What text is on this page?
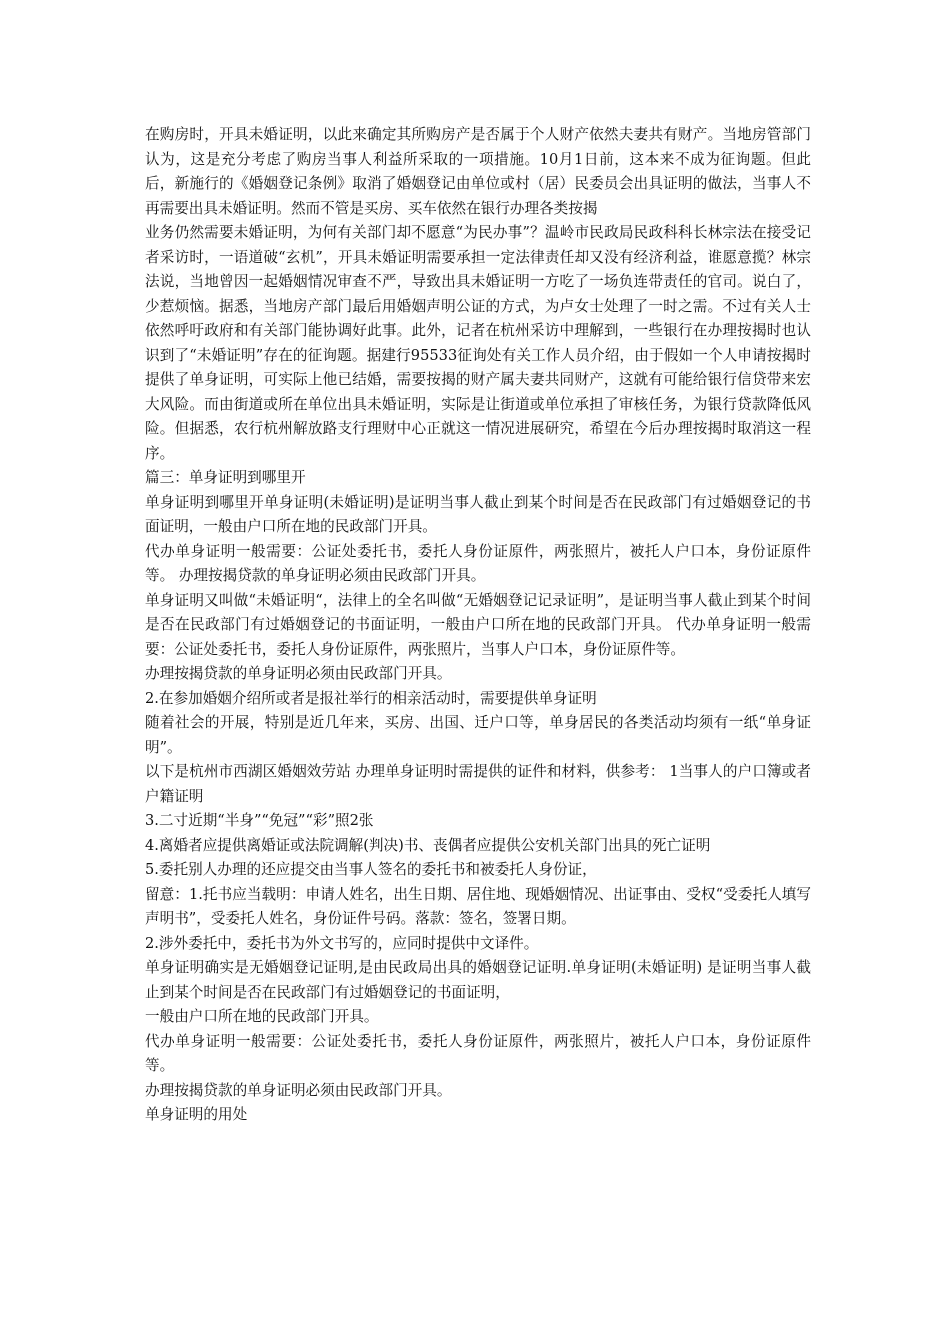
在购房时，开具未婚证明，以此来确定其所购房产是否属于个人财产依然夫妻共有财产。当地房管部门认为，这是充分考虑了购房当事人利益所采取的一项措施。10月1日前，这本来不成为征询题。但此后，新施行的《婚姻登记条例》取消了婚姻登记由单位或村（居）民委员会出具证明的做法，当事人不再需要出具未婚证明。然而不管是买房、买车依然在银行办理各类按揭

业务仍然需要未婚证明，为何有关部门却不愿意“为民办事”？温岭市民政局民政科科长林宗法在接受记者采访时，一语道破“玄机”，开具未婚证明需要承担一定法律责任却又没有经济利益，谁愿意揽？林宗法说，当地曾因一起婚姻情况审查不严，导致出具未婚证明一方吃了一场负连带责任的官司。说白了，少惹烦恼。据悉，当地房产部门最后用婚姻声明公证的方式，为卢女士处理了一时之需。不过有关人士依然呼吁政府和有关部门能协调好此事。此外，记者在杭州采访中理解到，一些银行在办理按揭时也认识到了“未婚证明”存在的征询题。据建行95533征询处有关工作人员介绍，由于假如一个人申请按揭时提供了单身证明，可实际上他已结婚，需要按揭的财产属夫妻共同财产，这就有可能给银行信贷带来宏大风险。而由街道或所在单位出具未婚证明，实际是让街道或单位承担了审核任务，为银行贷款降低风险。但据悉，农行杭州解放路支行理财中心正就这一情况进展研究，希望在今后办理按揭时取消这一程序。

篇三：单身证明到哪里开

单身证明到哪里开单身证明(未婚证明)是证明当事人截止到某个时间是否在民政部门有过婚姻登记的书面证明，一般由户口所在地的民政部门开具。

代办单身证明一般需要：公证处委托书，委托人身份证原件，两张照片，被托人户口本，身份证原件等。 办理按揭贷款的单身证明必须由民政部门开具。

单身证明又叫做“未婚证明“，法律上的全名叫做“无婚姻登记记录证明”，是证明当事人截止到某个时间是否在民政部门有过婚姻登记的书面证明，一般由户口所在地的民政部门开具。 代办单身证明一般需要：公证处委托书，委托人身份证原件，两张照片，当事人户口本，身份证原件等。

办理按揭贷款的单身证明必须由民政部门开具。

2.在参加婚姻介绍所或者是报社举行的相亲活动时，需要提供单身证明

随着社会的开展，特别是近几年来，买房、出国、迁户口等，单身居民的各类活动均须有一纸“单身证明”。

以下是杭州市西湖区婚姻效劳站 办理单身证明时需提供的证件和材料，供参考： 1当事人的户口簿或者户籍证明

3.二寸近期“半身”“免冠”“彩”照2张

4.离婚者应提供离婚证或法院调解(判决)书、丧偶者应提供公安机关部门出具的死亡证明

5.委托别人办理的还应提交由当事人签名的委托书和被委托人身份证，

留意：1.托书应当载明：申请人姓名，出生日期、居住地、现婚姻情况、出证事由、受权“受委托人填写声明书”，受委托人姓名，身份证件号码。落款：签名，签署日期。

2.涉外委托中，委托书为外文书写的，应同时提供中文译件。

单身证明确实是无婚姻登记证明,是由民政局出具的婚姻登记证明.单身证明(未婚证明) 是证明当事人截止到某个时间是否在民政部门有过婚姻登记的书面证明，

一般由户口所在地的民政部门开具。

代办单身证明一般需要：公证处委托书，委托人身份证原件，两张照片，被托人户口本，身份证原件等。

办理按揭贷款的单身证明必须由民政部门开具。

单身证明的用处
